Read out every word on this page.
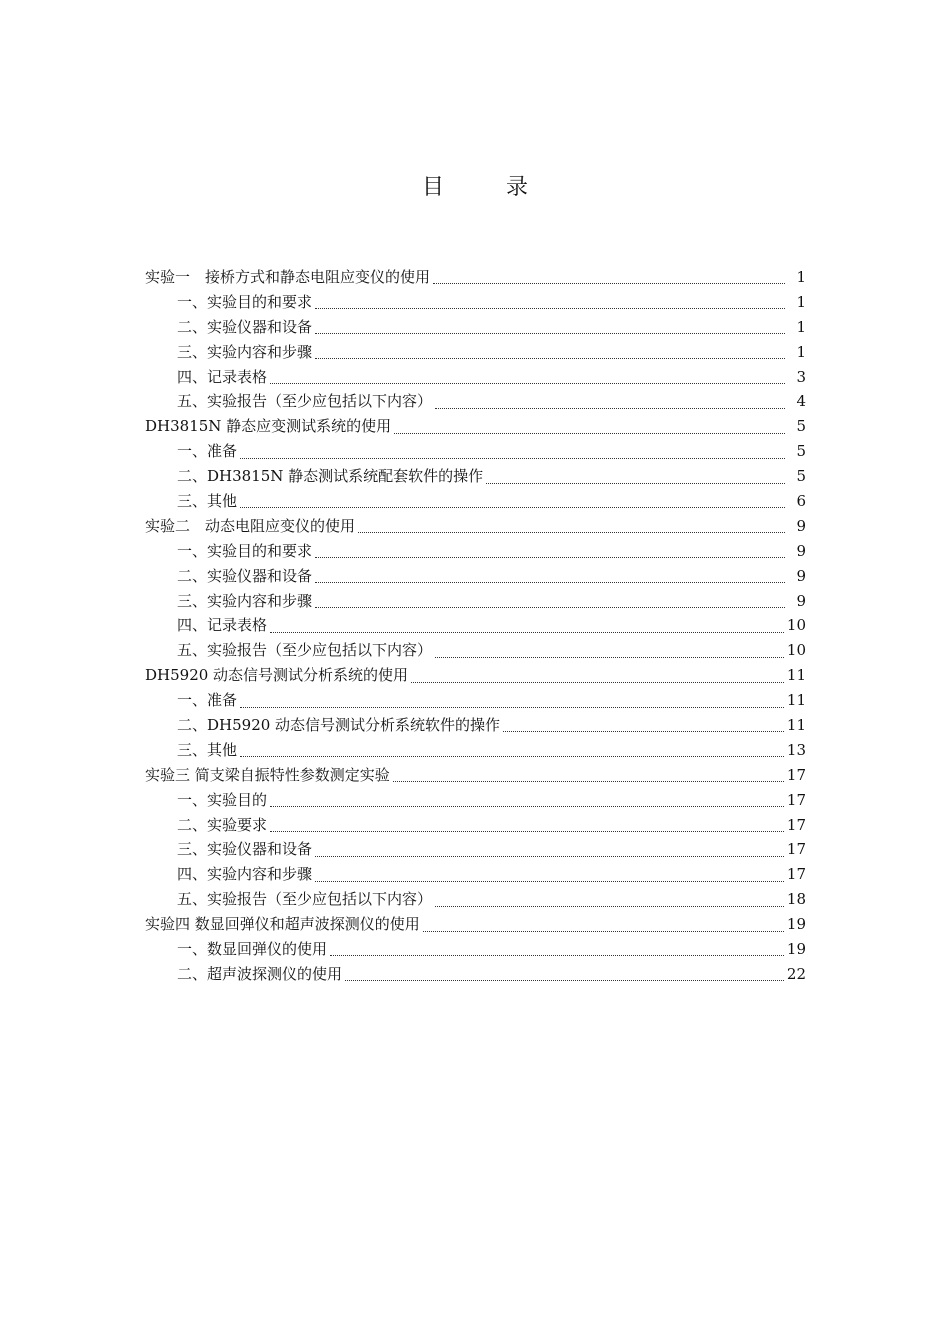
目　录
实验一　接桥方式和静态电阻应变仪的使用	1
一、实验目的和要求	1
二、实验仪器和设备	1
三、实验内容和步骤	1
四、记录表格	3
五、实验报告（至少应包括以下内容）	4
DH3815N 静态应变测试系统的使用	5
一、准备	5
二、DH3815N 静态测试系统配套软件的操作	5
三、其他	6
实验二　动态电阻应变仪的使用	9
一、实验目的和要求	9
二、实验仪器和设备	9
三、实验内容和步骤	9
四、记录表格	10
五、实验报告（至少应包括以下内容）	10
DH5920 动态信号测试分析系统的使用	11
一、准备	11
二、DH5920 动态信号测试分析系统软件的操作	11
三、其他	13
实验三 简支梁自振特性参数测定实验	17
一、实验目的	17
二、实验要求	17
三、实验仪器和设备	17
四、实验内容和步骤	17
五、实验报告（至少应包括以下内容）	18
实验四 数显回弹仪和超声波探测仪的使用	19
一、数显回弹仪的使用	19
二、超声波探测仪的使用	22
